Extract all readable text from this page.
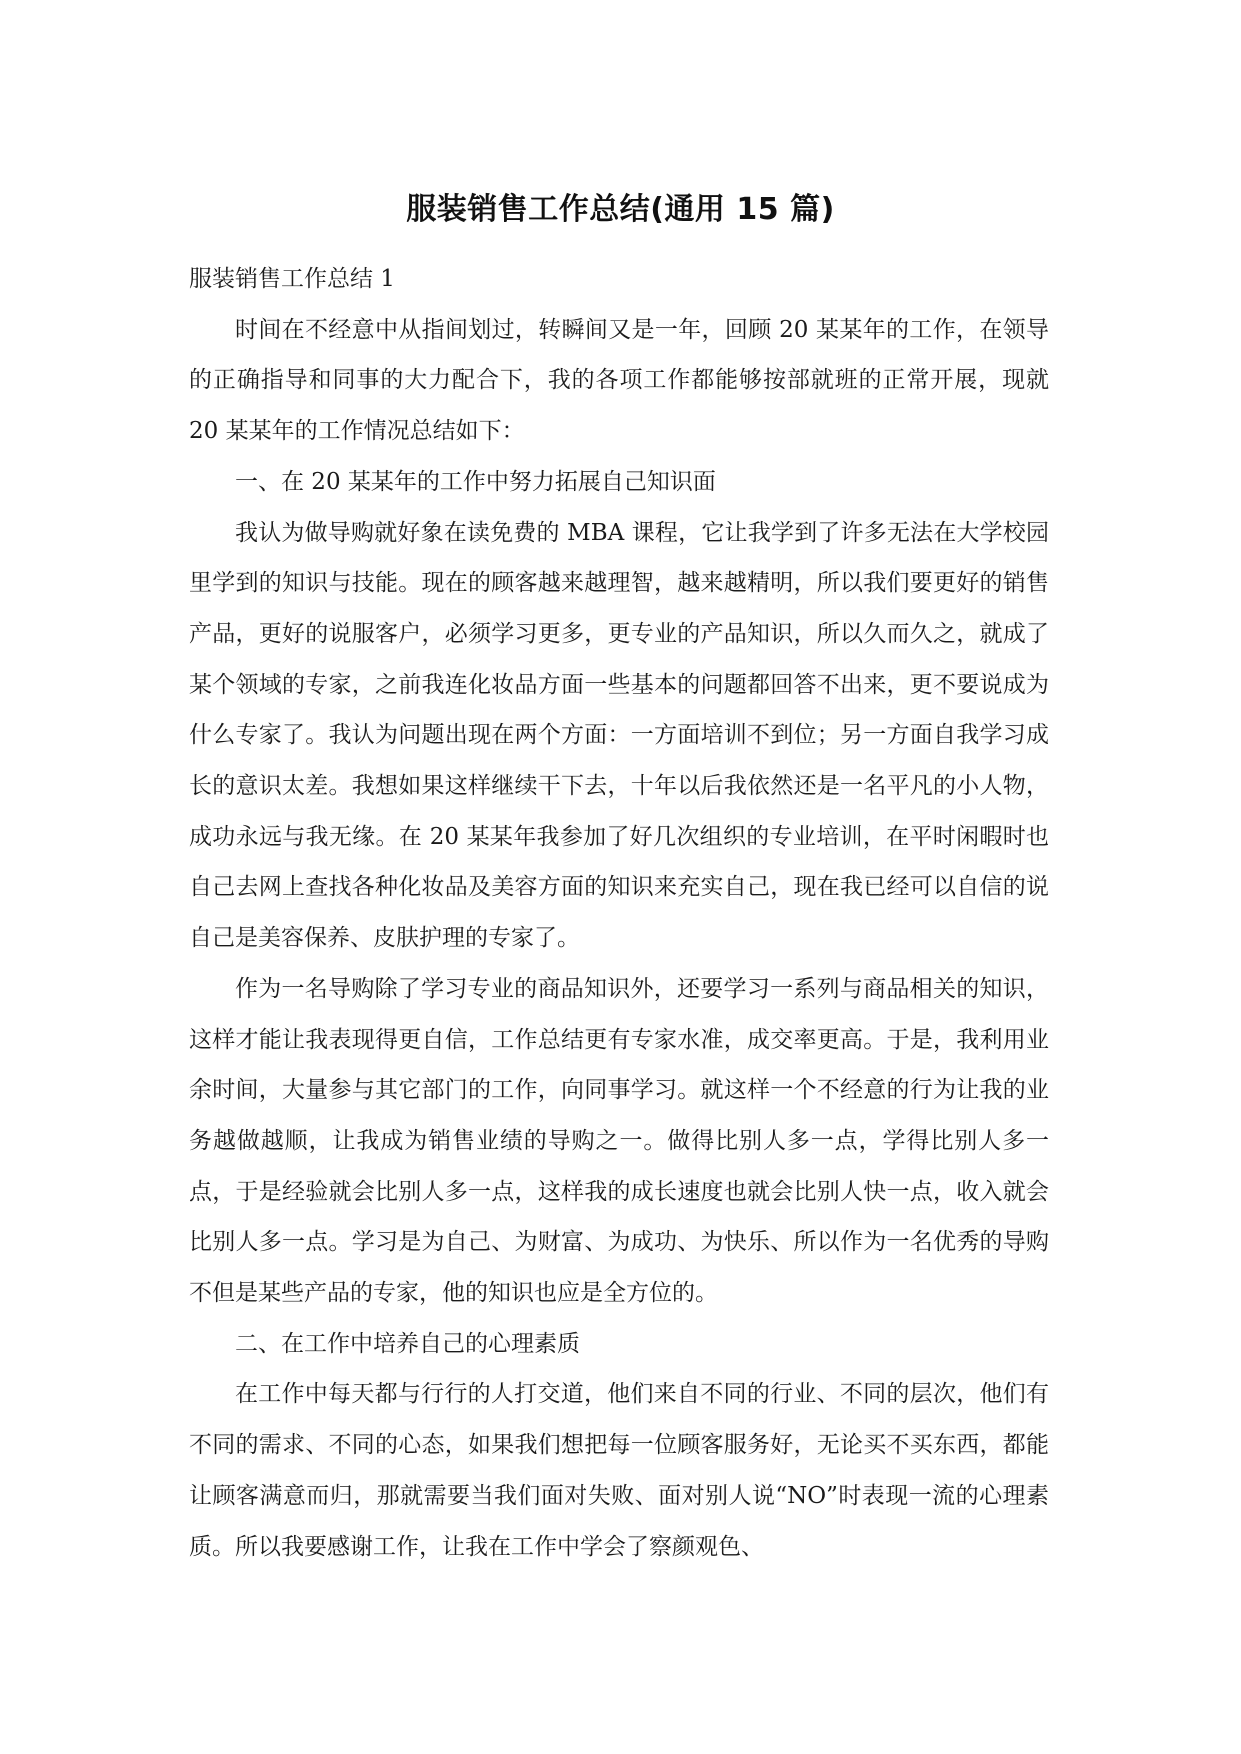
服装销售工作总结(通用 15 篇)

服装销售工作总结 1

时间在不经意中从指间划过，转瞬间又是一年，回顾 20 某某年的工作，在领导的正确指导和同事的大力配合下，我的各项工作都能够按部就班的正常开展，现就 20 某某年的工作情况总结如下：

一、在 20 某某年的工作中努力拓展自己知识面

我认为做导购就好象在读免费的 MBA 课程，它让我学到了许多无法在大学校园里学到的知识与技能。现在的顾客越来越理智，越来越精明，所以我们要更好的销售产品，更好的说服客户，必须学习更多，更专业的产品知识，所以久而久之，就成了某个领域的专家，之前我连化妆品方面一些基本的问题都回答不出来，更不要说成为什么专家了。我认为问题出现在两个方面：一方面培训不到位；另一方面自我学习成长的意识太差。我想如果这样继续干下去，十年以后我依然还是一名平凡的小人物，成功永远与我无缘。在 20 某某年我参加了好几次组织的专业培训，在平时闲暇时也自己去网上查找各种化妆品及美容方面的知识来充实自己，现在我已经可以自信的说自己是美容保养、皮肤护理的专家了。

作为一名导购除了学习专业的商品知识外，还要学习一系列与商品相关的知识，这样才能让我表现得更自信，工作总结更有专家水准，成交率更高。于是，我利用业余时间，大量参与其它部门的工作，向同事学习。就这样一个不经意的行为让我的业务越做越顺，让我成为销售业绩的导购之一。做得比别人多一点，学得比别人多一点，于是经验就会比别人多一点，这样我的成长速度也就会比别人快一点，收入就会比别人多一点。学习是为自己、为财富、为成功、为快乐、所以作为一名优秀的导购不但是某些产品的专家，他的知识也应是全方位的。

二、在工作中培养自己的心理素质

在工作中每天都与行行的人打交道，他们来自不同的行业、不同的层次，他们有不同的需求、不同的心态，如果我们想把每一位顾客服务好，无论买不买东西，都能让顾客满意而归，那就需要当我们面对失败、面对别人说“NO”时表现一流的心理素质。所以我要感谢工作，让我在工作中学会了察颜观色、
